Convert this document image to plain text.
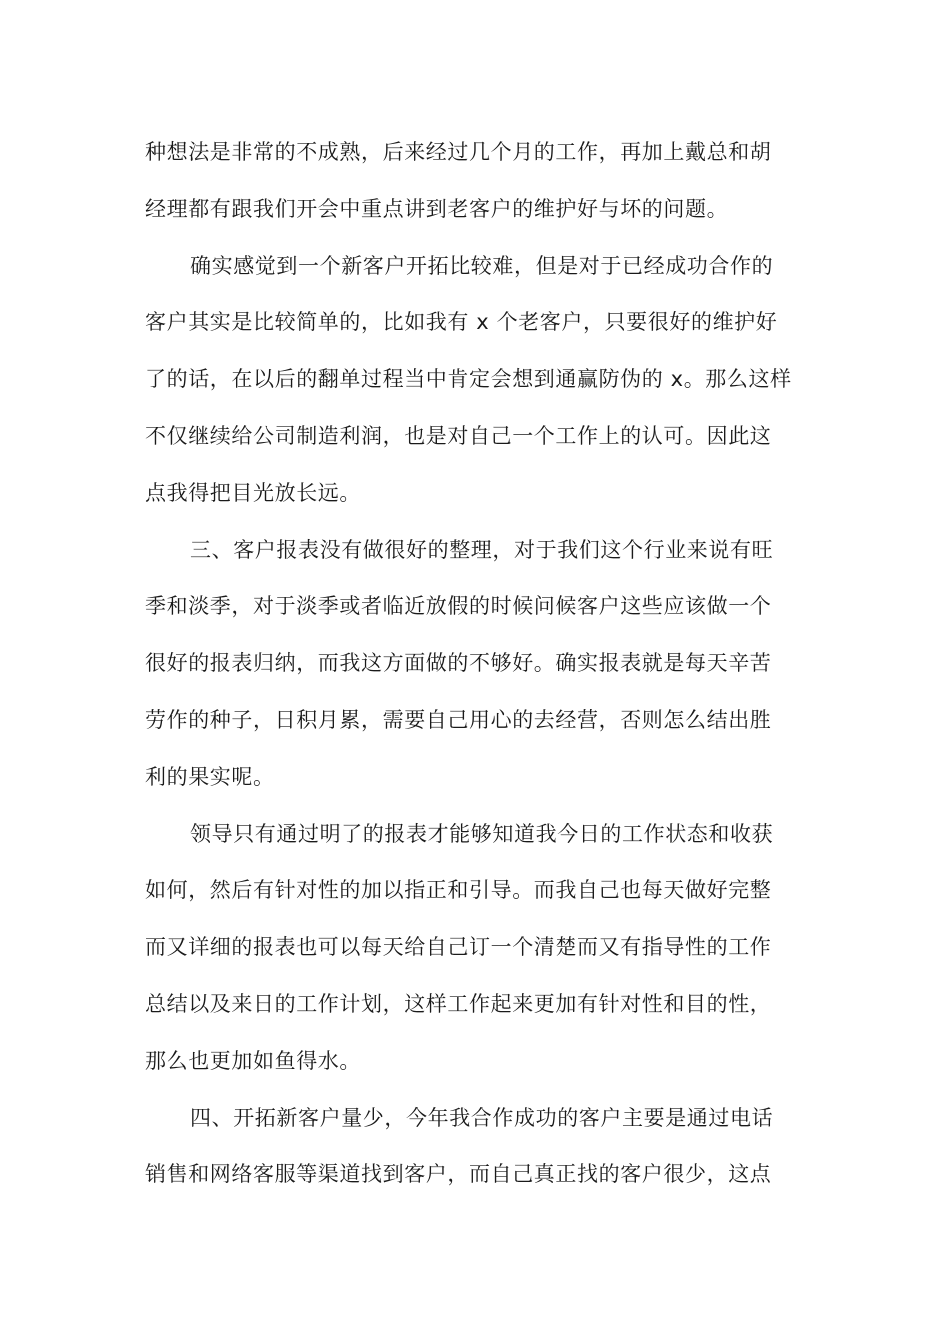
种想法是非常的不成熟，后来经过几个月的工作，再加上戴总和胡
经理都有跟我们开会中重点讲到老客户的维护好与坏的问题。
确实感觉到一个新客户开拓比较难，但是对于已经成功合作的
客户其实是比较简单的，比如我有 x 个老客户，只要很好的维护好
了的话，在以后的翻单过程当中肯定会想到通赢防伪的 x。那么这样
不仅继续给公司制造利润，也是对自己一个工作上的认可。因此这
点我得把目光放长远。
三、客户报表没有做很好的整理，对于我们这个行业来说有旺
季和淡季，对于淡季或者临近放假的时候问候客户这些应该做一个
很好的报表归纳，而我这方面做的不够好。确实报表就是每天辛苦
劳作的种子，日积月累，需要自己用心的去经营，否则怎么结出胜
利的果实呢。
领导只有通过明了的报表才能够知道我今日的工作状态和收获
如何，然后有针对性的加以指正和引导。而我自己也每天做好完整
而又详细的报表也可以每天给自己订一个清楚而又有指导性的工作
总结以及来日的工作计划，这样工作起来更加有针对性和目的性，
那么也更加如鱼得水。
四、开拓新客户量少，今年我合作成功的客户主要是通过电话
销售和网络客服等渠道找到客户，而自己真正找的客户很少，这点
